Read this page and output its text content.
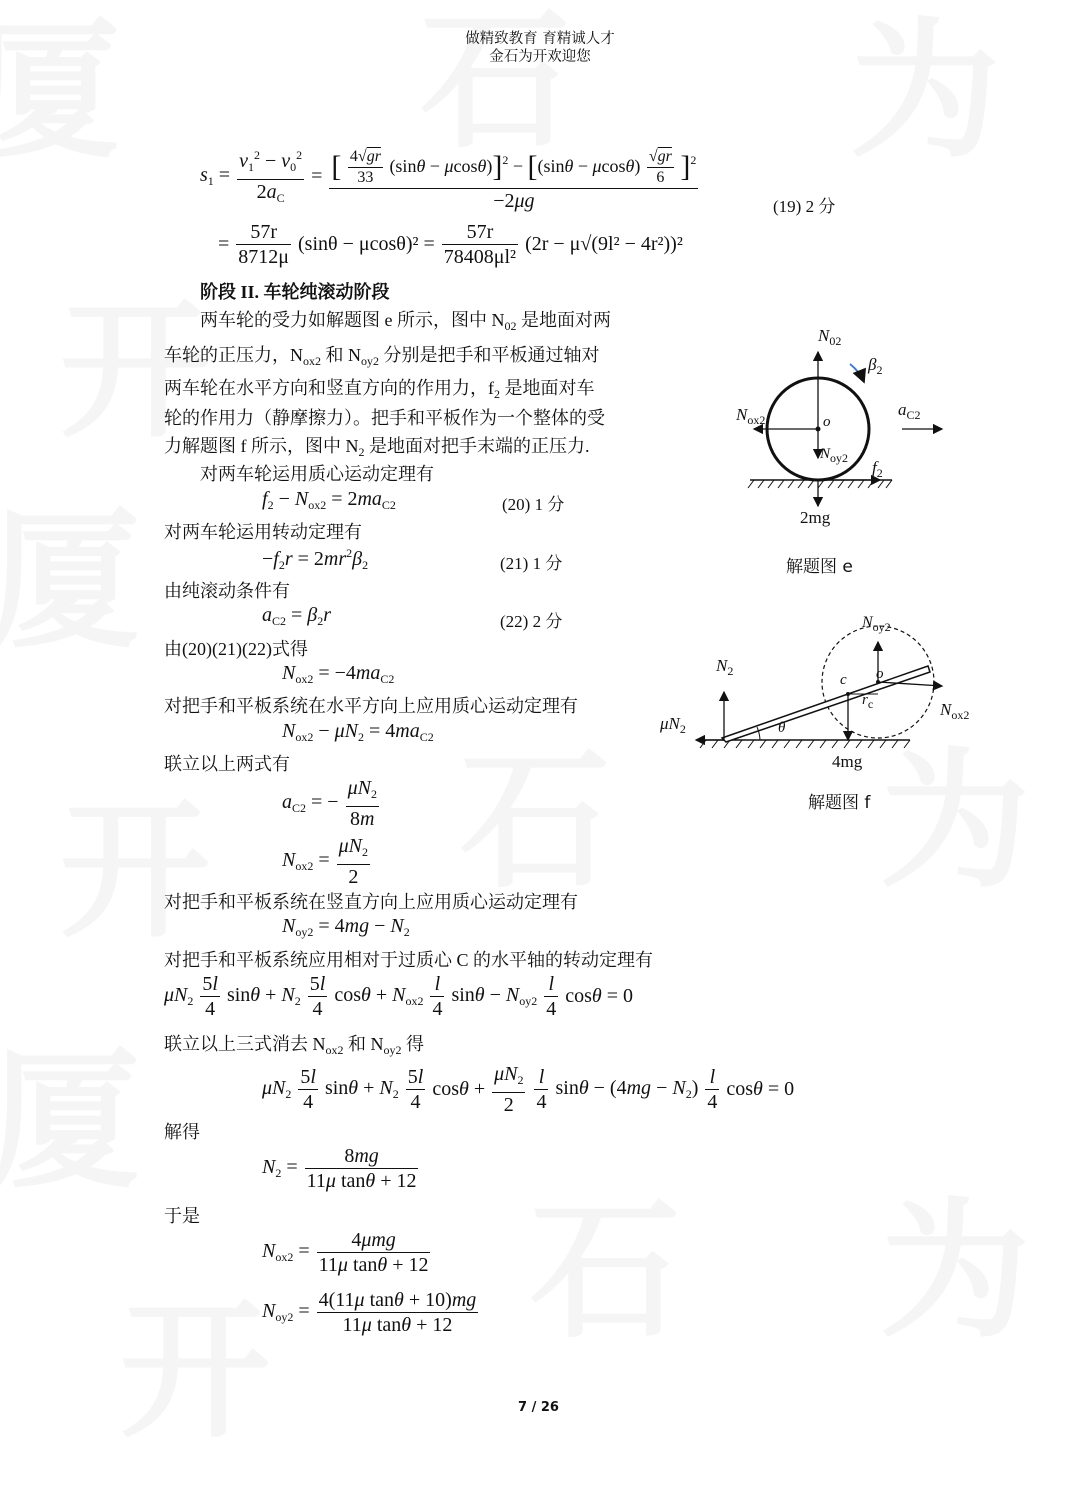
做精致教育 育精诚人才
金石为开欢迎您
$s_1 = \frac{v_1^2 - v_0^2}{2a_C}$ = [ $\frac{4√gr}{33} (\sin\theta - \mu\cos\theta)]^2 - [(\sin\theta - \mu\cos\theta) \frac{√gr}{6} ]^2$
−2μg	(19) 2 分
= $\frac{57r}{8712\mu} (\sin\theta - \mu\cos\theta)^2 = \frac{57r}{\text{78408μl²}} (2r - \mu√(9l^2 - 4r^2))^2$
阶段 II. 车轮纯滚动阶段
两车轮的受力如解题图 e 所示，图中 $N_{02}$ 是地面对两
车轮的正压力，$N_{ox2}$ 和 $N_{oy2}$ 分别是把手和平板通过轴对
两车轮在水平方向和竖直方向的作用力，$f_2$ 是地面对车
轮的作用力（静摩擦力）。把手和平板作为一个整体的受
力解题图 f 所示，图中 $N_2$ 是地面对把手末端的正压力.
对两车轮运用质心运动定理有
$f_2 - N_{ox2} = 2ma_{C2}$	(20) 1 分
对两车轮运用转动定理有
$-f_2r = 2mr^2\beta_2$	(21) 1 分
由纯滚动条件有
$a_{C2} = \beta_2r$	(22) 2 分
由(20)(21)(22)式得
$N_{ox2} = -4ma_{C2}$
对把手和平板系统在水平方向上应用质心运动定理有
$N_{ox2} - \mu N_2 = 4ma_{C2}$
联立以上两式有
$a_{C2}$ = − $\frac{\mu N_2}{8m}$
$N_{ox2} = \frac{\mu N_2}{2}$
对把手和平板系统在竖直方向上应用质心运动定理有
$N_{oy2} = 4mg - N_2$
对把手和平板系统应用相对于过质心 C 的水平轴的转动定理有
$\mu N_2 \frac{5l}{4}$ $\sin\theta + N_2 \frac{5l}{4}$ $\cos\theta + N_{ox2} \frac{l}{4}$ $\sin\theta - N_{oy2} \frac{l}{4}$ cosθ = 0
联立以上三式消去 $N_{ox2}$ 和 $N_{oy2}$ 得
$\mu N_2 \frac{5l}{4}$ $\sin\theta + N_2 \frac{5l}{4}$ $\cos\theta + \frac{\mu N_2}{2}$
$\frac{l}{4}$ $\sin\theta - (4mg - N_2) \frac{l}{4}$ cosθ = 0
解得
$N_2 = \frac{8mg}{\text{11μ tanθ + 12}}$
于是
$N_{ox2} = \frac{\text{4μmg}}{\text{11μ tanθ + 12}}$
$N_{oy2} = \frac{\text{4(11μ tanθ + 10)mg}}{\text{11μ tanθ + 12}}$
$N_{02}$
$\beta_2$
$N_{ox2}$	o
$a_{C2}$
$N_{oy2}$ $f_2$
2mg
解题图 e
$N_{oy2}$
$N_2$
c o
$r_c$	$N_{ox2}$
$\mu N_2$	θ
4mg
解题图 f
7 / 26
